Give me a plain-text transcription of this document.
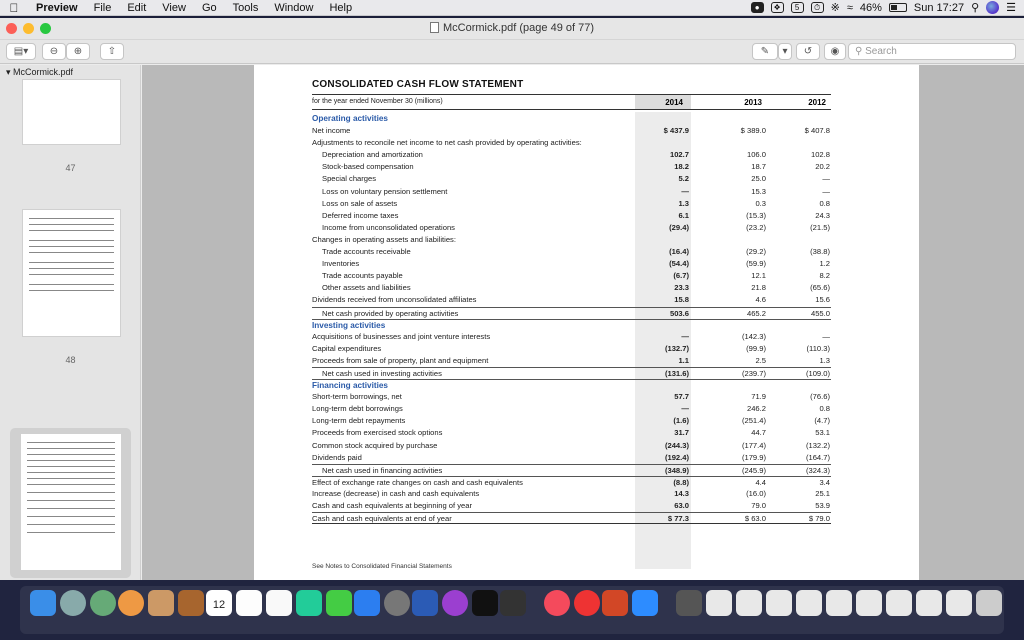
Preview	File	Edit	View	Go	Tools	Window	Help	●	❖	5	⏱ ※ ≈ 46%	Sun 17:27 ⚲ ☰
McCormick.pdf (page 49 of 77)
▤▾	⊖	⊕	⇧	✎	▾	↺	◉	⚲ Search
▾ McCormick.pdf
47
48
CONSOLIDATED CASH FLOW STATEMENT
for the year ended November 30 (millions)	2014	2013	2012
Operating activities
Net income	$ 437.9	$ 389.0	$ 407.8
Adjustments to reconcile net income to net cash provided by operating activities:
Depreciation and amortization	102.7	106.0	102.8
Stock-based compensation	18.2	18.7	20.2
Special charges	5.2	25.0	—
Loss on voluntary pension settlement	—	15.3	—
Loss on sale of assets	1.3	0.3	0.8
Deferred income taxes	6.1	(15.3)	24.3
Income from unconsolidated operations	(29.4)	(23.2)	(21.5)
Changes in operating assets and liabilities:
Trade accounts receivable	(16.4)	(29.2)	(38.8)
Inventories	(54.4)	(59.9)	1.2
Trade accounts payable	(6.7)	12.1	8.2
Other assets and liabilities	23.3	21.8	(65.6)
Dividends received from unconsolidated affiliates	15.8	4.6	15.6
Net cash provided by operating activities	503.6	465.2	455.0
Investing activities
Acquisitions of businesses and joint venture interests	—	(142.3)	—
Capital expenditures	(132.7)	(99.9)	(110.3)
Proceeds from sale of property, plant and equipment	1.1	2.5	1.3
Net cash used in investing activities	(131.6)	(239.7)	(109.0)
Financing activities
Short-term borrowings, net	57.7	71.9	(76.6)
Long-term debt borrowings	—	246.2	0.8
Long-term debt repayments	(1.6)	(251.4)	(4.7)
Proceeds from exercised stock options	31.7	44.7	53.1
Common stock acquired by purchase	(244.3)	(177.4)	(132.2)
Dividends paid	(192.4)	(179.9)	(164.7)
Net cash used in financing activities	(348.9)	(245.9)	(324.3)
Effect of exchange rate changes on cash and cash equivalents	(8.8)	4.4	3.4
Increase (decrease) in cash and cash equivalents	14.3	(16.0)	25.1
Cash and cash equivalents at beginning of year	63.0	79.0	53.9
Cash and cash equivalents at end of year	$ 77.3	$ 63.0	$ 79.0
See Notes to Consolidated Financial Statements
12
